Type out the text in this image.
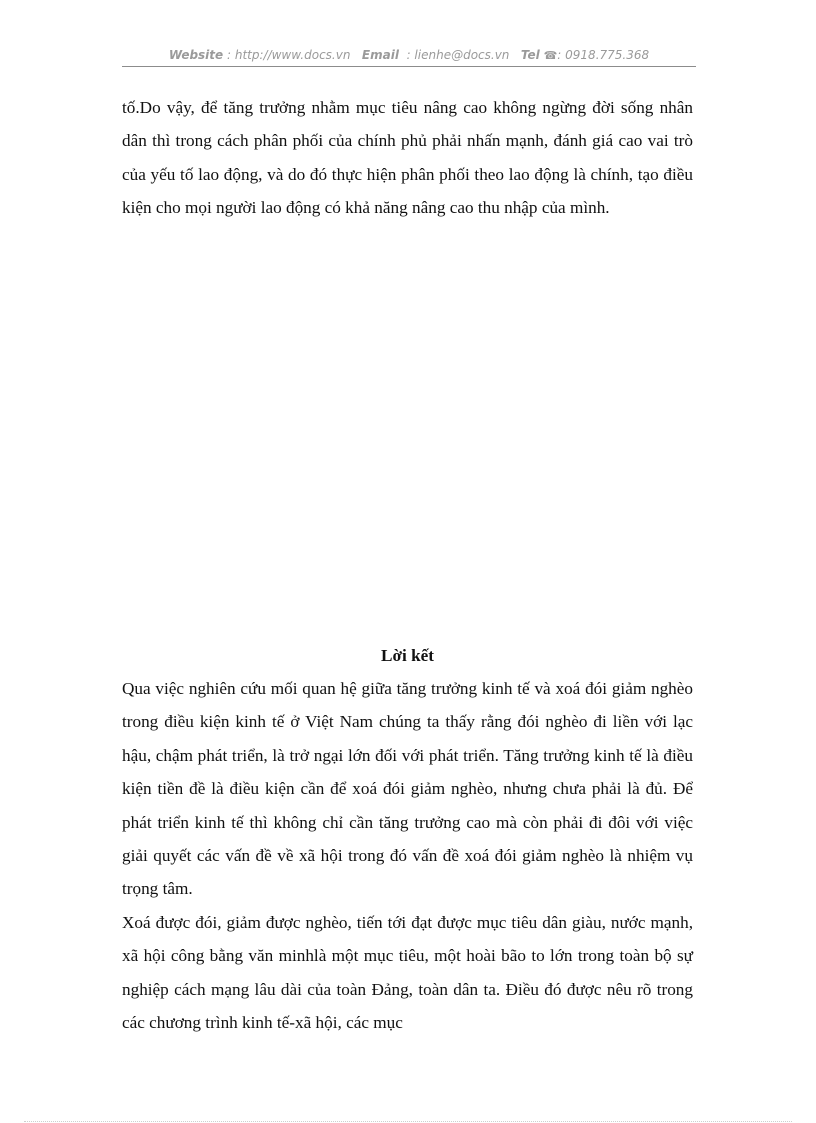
Website : http://www.docs.vn Email : lienhe@docs.vn Tel ☎: 0918.775.368

tố.Do vậy, để tăng trưởng nhằm mục tiêu nâng cao không ngừng đời sống nhân dân thì trong cách phân phối của chính phủ phải nhấn mạnh, đánh giá cao vai trò của yếu tố lao động, và do đó thực hiện phân phối theo lao động là chính, tạo điều kiện cho mọi người lao động có khả năng nâng cao thu nhập của mình.

Lời kết

Qua việc nghiên cứu mối quan hệ giữa tăng trưởng kinh tế và xoá đói giảm nghèo trong điều kiện kinh tế ở Việt Nam chúng ta thấy rằng đói nghèo đi liền với lạc hậu, chậm phát triển, là trở ngại lớn đối với phát triển. Tăng trưởng kinh tế là điều kiện tiền đề là điều kiện cần để xoá đói giảm nghèo, nhưng chưa phải là đủ. Để phát triển kinh tế thì không chỉ cần tăng trưởng cao mà còn phải đi đôi với việc giải quyết các vấn đề về xã hội trong đó vấn đề xoá đói giảm nghèo là nhiệm vụ trọng tâm.

Xoá được đói, giảm được nghèo, tiến tới đạt được mục tiêu dân giàu, nước mạnh, xã hội công bằng văn minhlà một mục tiêu, một hoài bão to lớn trong toàn bộ sự nghiệp cách mạng lâu dài của toàn Đảng, toàn dân ta. Điều đó được nêu rõ trong các chương trình kinh tế-xã hội, các mục
